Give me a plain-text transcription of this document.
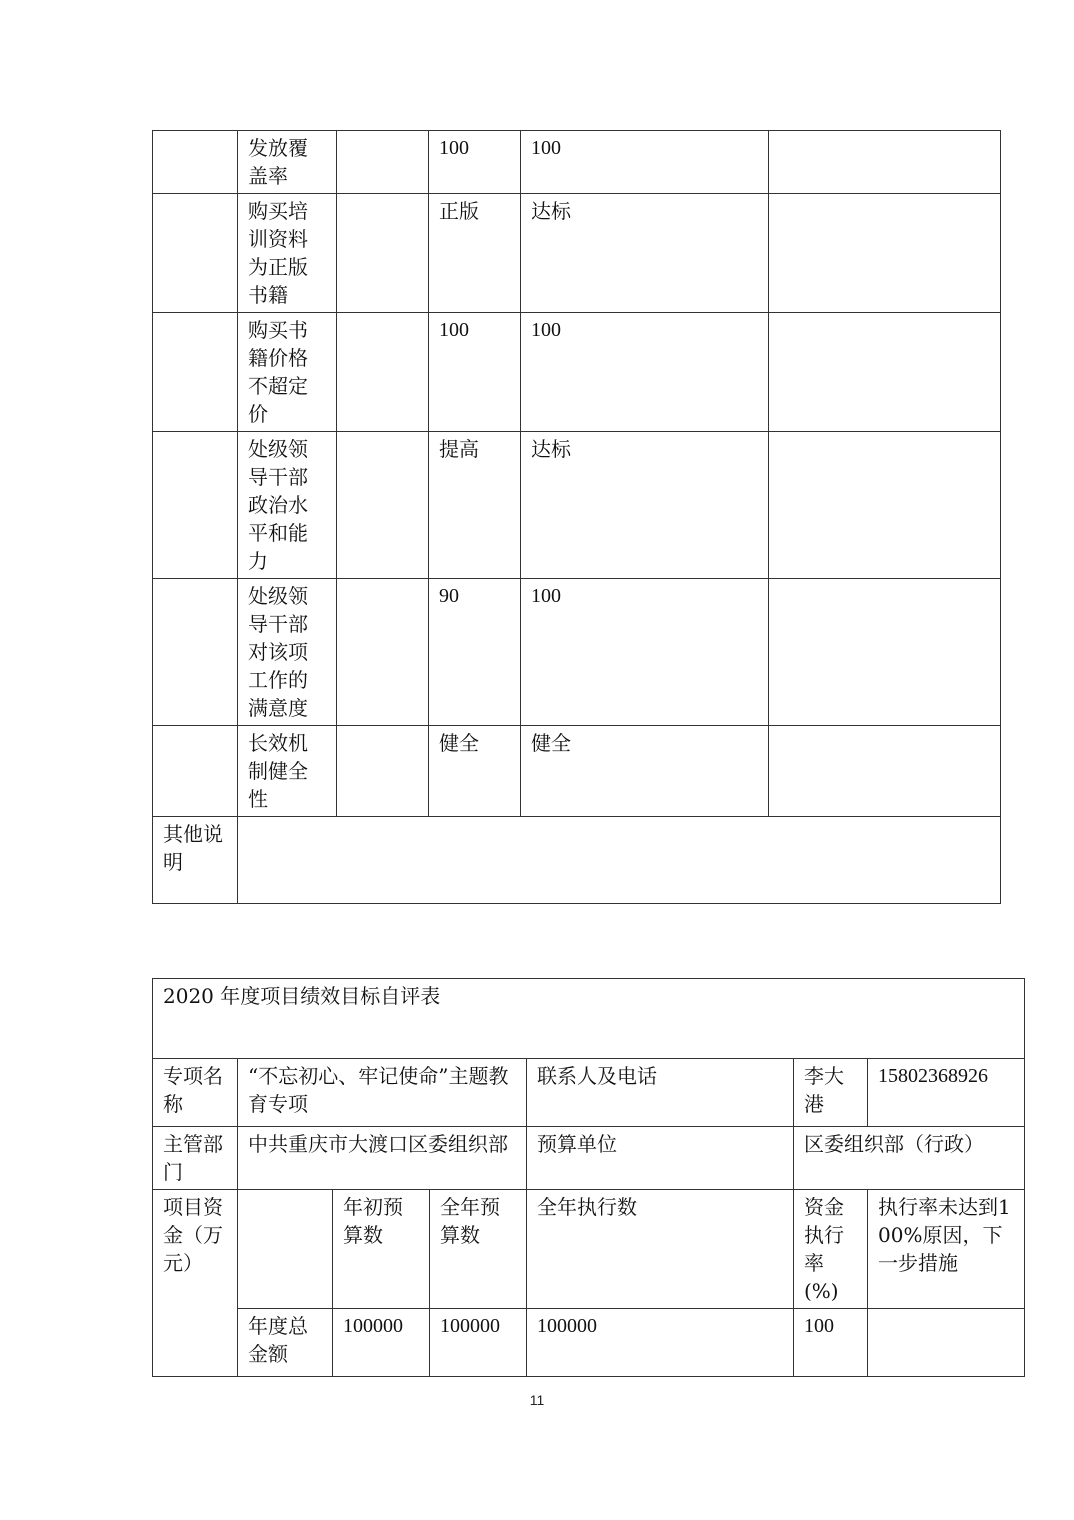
	发放覆盖率		100	100	
	购买培训资料为正版书籍		正版	达标	
	购买书籍价格不超定价		100	100	
	处级领导干部政治水平和能力		提高	达标	
	处级领导干部对该项工作的满意度		90	100	
	长效机制健全性		健全	健全	
其他说明					
2020 年度项目绩效目标自评表						
专项名称	“不忘初心、牢记使命”主题教育专项			联系人及电话	李大港	15802368926
主管部门	中共重庆市大渡口区委组织部			预算单位	区委组织部（行政）	
项目资金（万元）		年初预算数	全年预算数	全年执行数	资金执行率(%)	执行率未达到100%原因，下一步措施
	年度总金额	100000	100000	100000	100	
11
